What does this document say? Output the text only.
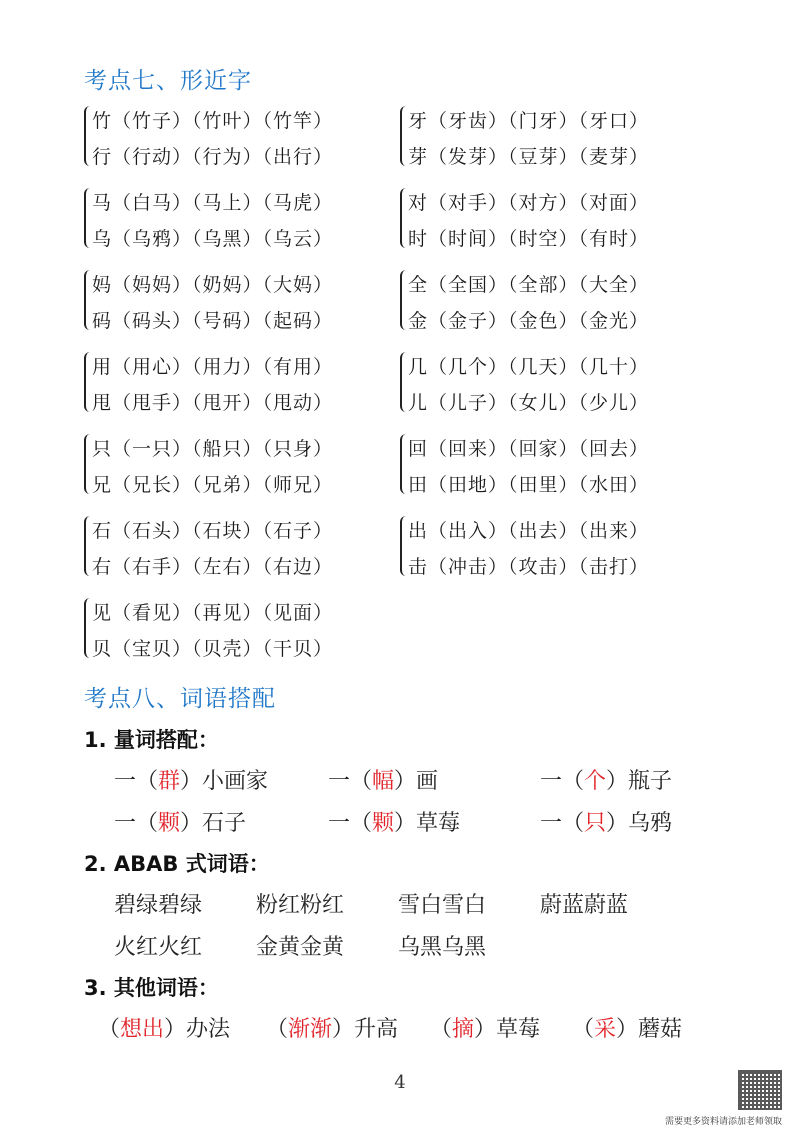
考点七、形近字
竹（竹子）（竹叶）（竹竿）
行（行动）（行为）（出行）
牙（牙齿）（门牙）（牙口）
芽（发芽）（豆芽）（麦芽）
马（白马）（马上）（马虎）
乌（乌鸦）（乌黑）（乌云）
对（对手）（对方）（对面）
时（时间）（时空）（有时）
妈（妈妈）（奶妈）（大妈）
码（码头）（号码）（起码）
全（全国）（全部）（大全）
金（金子）（金色）（金光）
用（用心）（用力）（有用）
甩（甩手）（甩开）（甩动）
几（几个）（几天）（几十）
儿（儿子）（女儿）（少儿）
只（一只）（船只）（只身）
兄（兄长）（兄弟）（师兄）
回（回来）（回家）（回去）
田（田地）（田里）（水田）
石（石头）（石块）（石子）
右（右手）（左右）（右边）
出（出入）（出去）（出来）
击（冲击）（攻击）（击打）
见（看见）（再见）（见面）
贝（宝贝）（贝壳）（干贝）
考点八、词语搭配
1. 量词搭配：
一（群）小画家	一（幅）画	一（个）瓶子
一（颗）石子	一（颗）草莓	一（只）乌鸦
2. ABAB 式词语：
碧绿碧绿 粉红粉红 雪白雪白 蔚蓝蔚蓝
火红火红 金黄金黄 乌黑乌黑
3. 其他词语：
（想出）办法 （渐渐）升高 （摘）草莓 （采）蘑菇
4
需要更多资料请添加老师领取
